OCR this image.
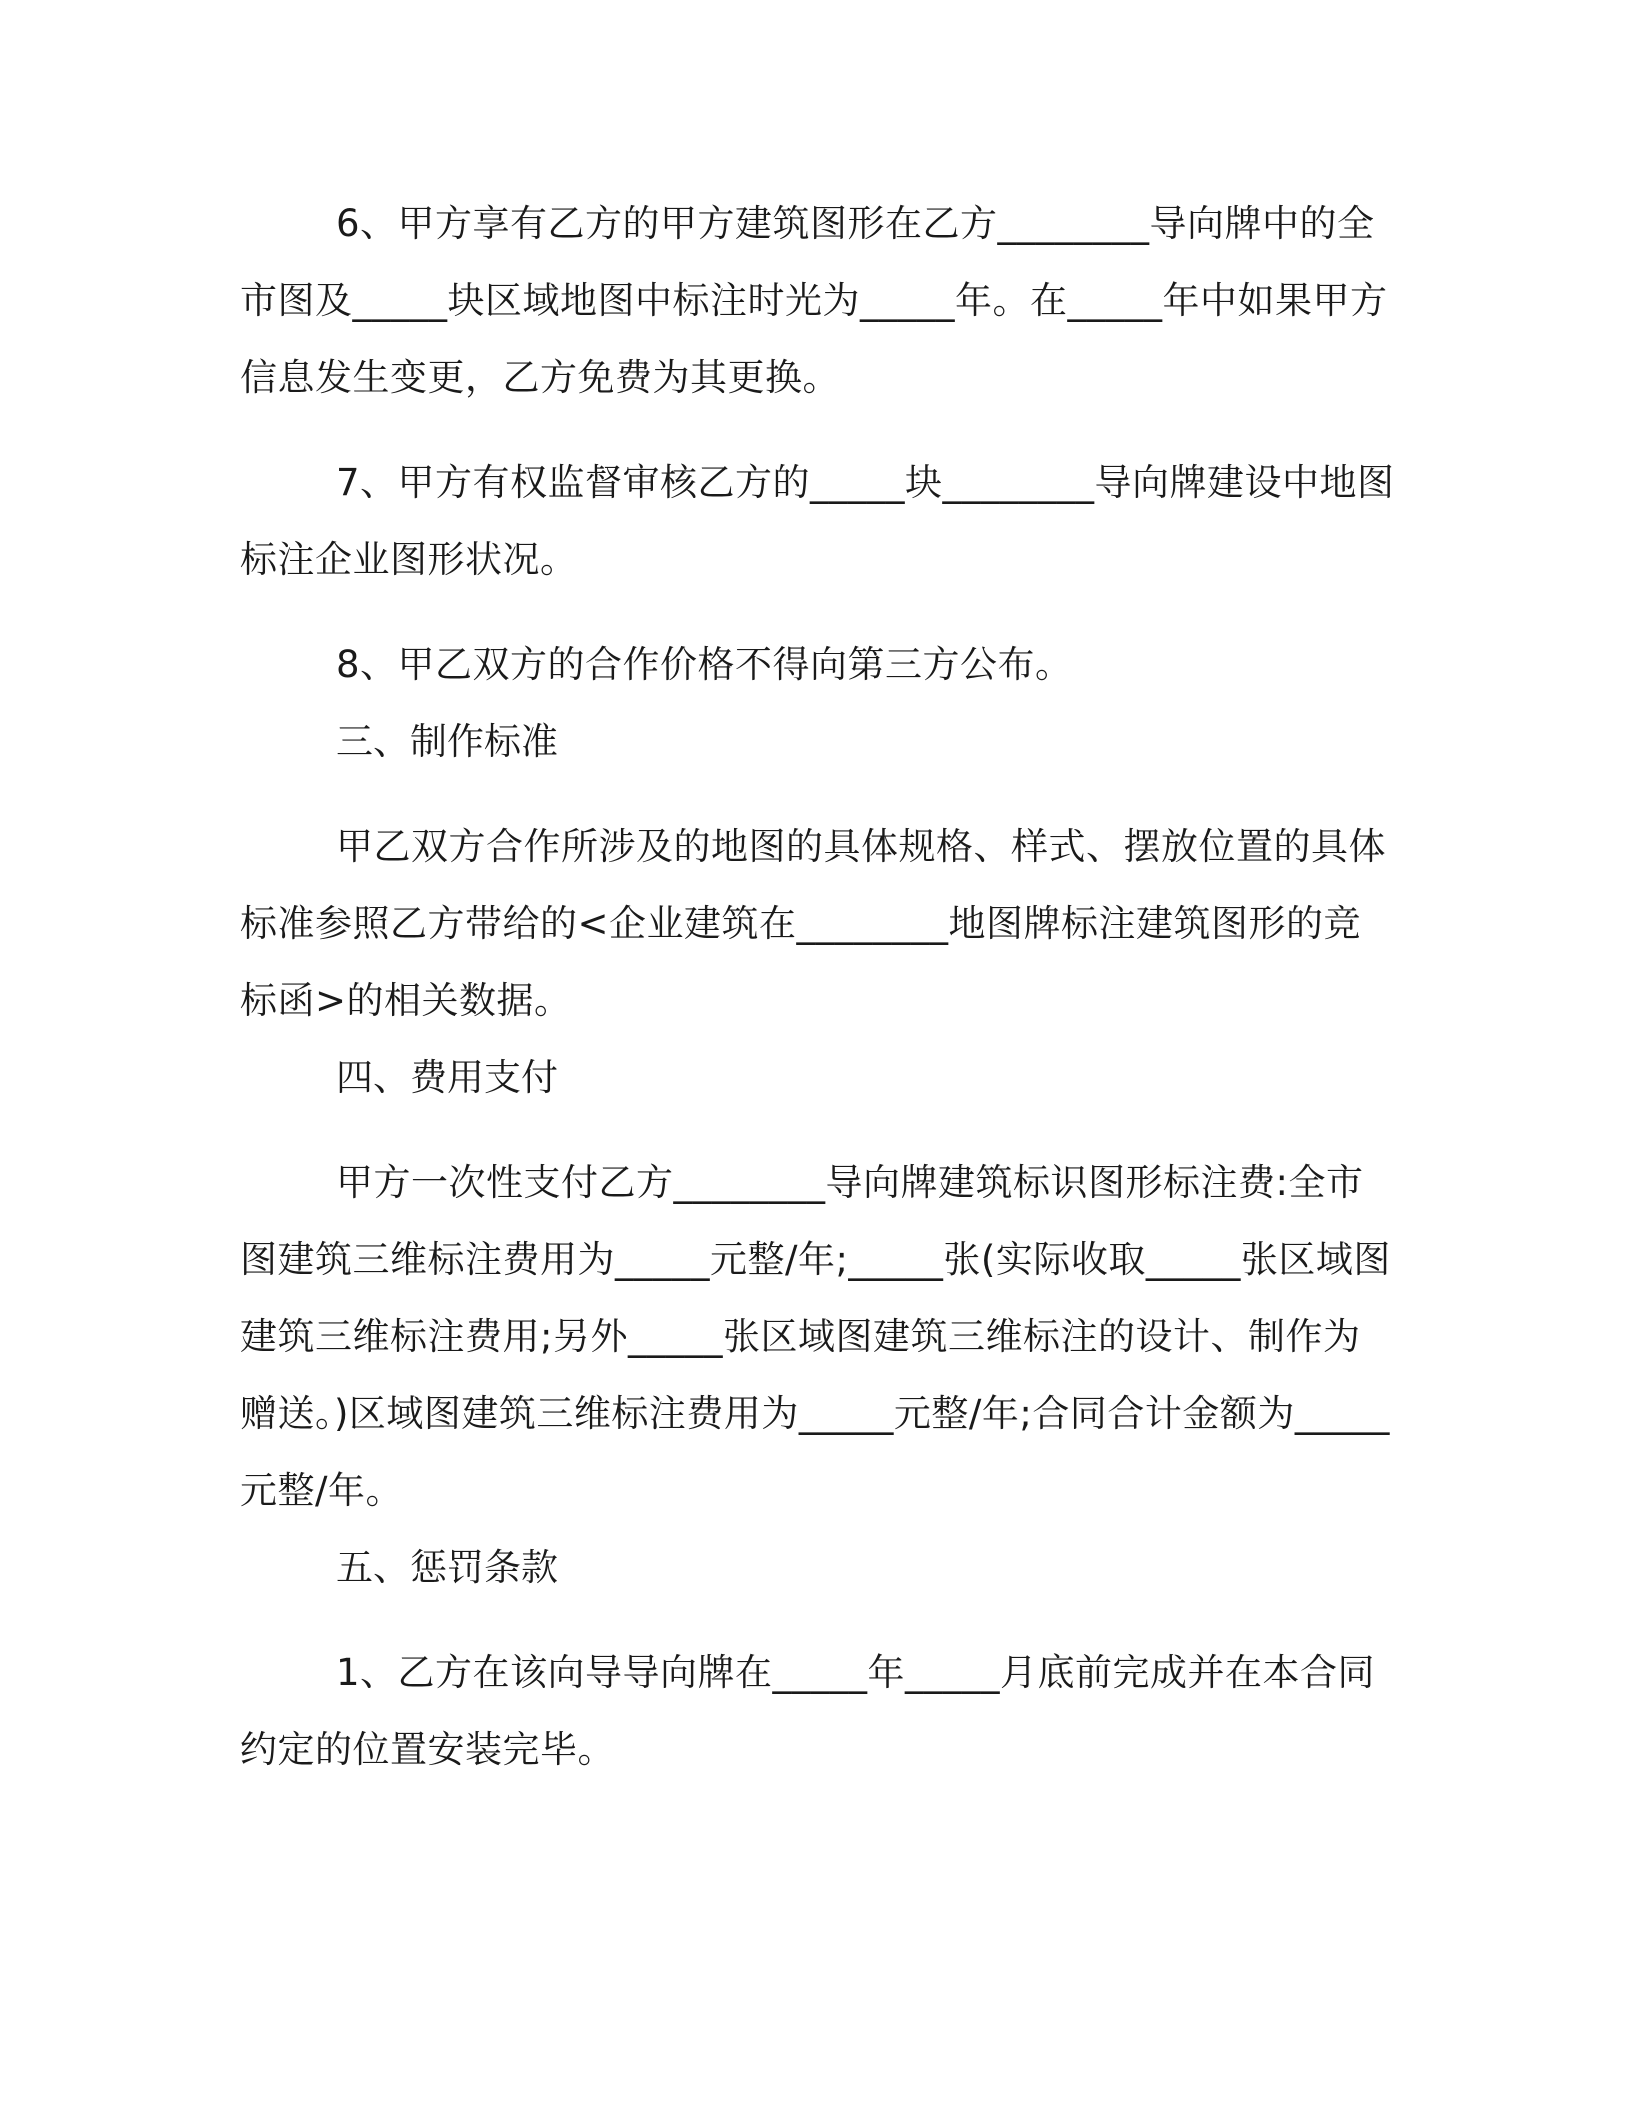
6、甲方享有乙方的甲方建筑图形在乙方________导向牌中的全市图及_____块区域地图中标注时光为_____年。在_____年中如果甲方信息发生变更，乙方免费为其更换。

7、甲方有权监督审核乙方的_____块________导向牌建设中地图标注企业图形状况。

8、甲乙双方的合作价格不得向第三方公布。

三、制作标准

甲乙双方合作所涉及的地图的具体规格、样式、摆放位置的具体标准参照乙方带给的<企业建筑在________地图牌标注建筑图形的竞标函>的相关数据。

四、费用支付

甲方一次性支付乙方________导向牌建筑标识图形标注费:全市图建筑三维标注费用为_____元整/年;_____张(实际收取_____张区域图建筑三维标注费用;另外_____张区域图建筑三维标注的设计、制作为赠送。)区域图建筑三维标注费用为_____元整/年;合同合计金额为_____元整/年。

五、惩罚条款

1、乙方在该向导导向牌在_____年_____月底前完成并在本合同约定的位置安装完毕。
